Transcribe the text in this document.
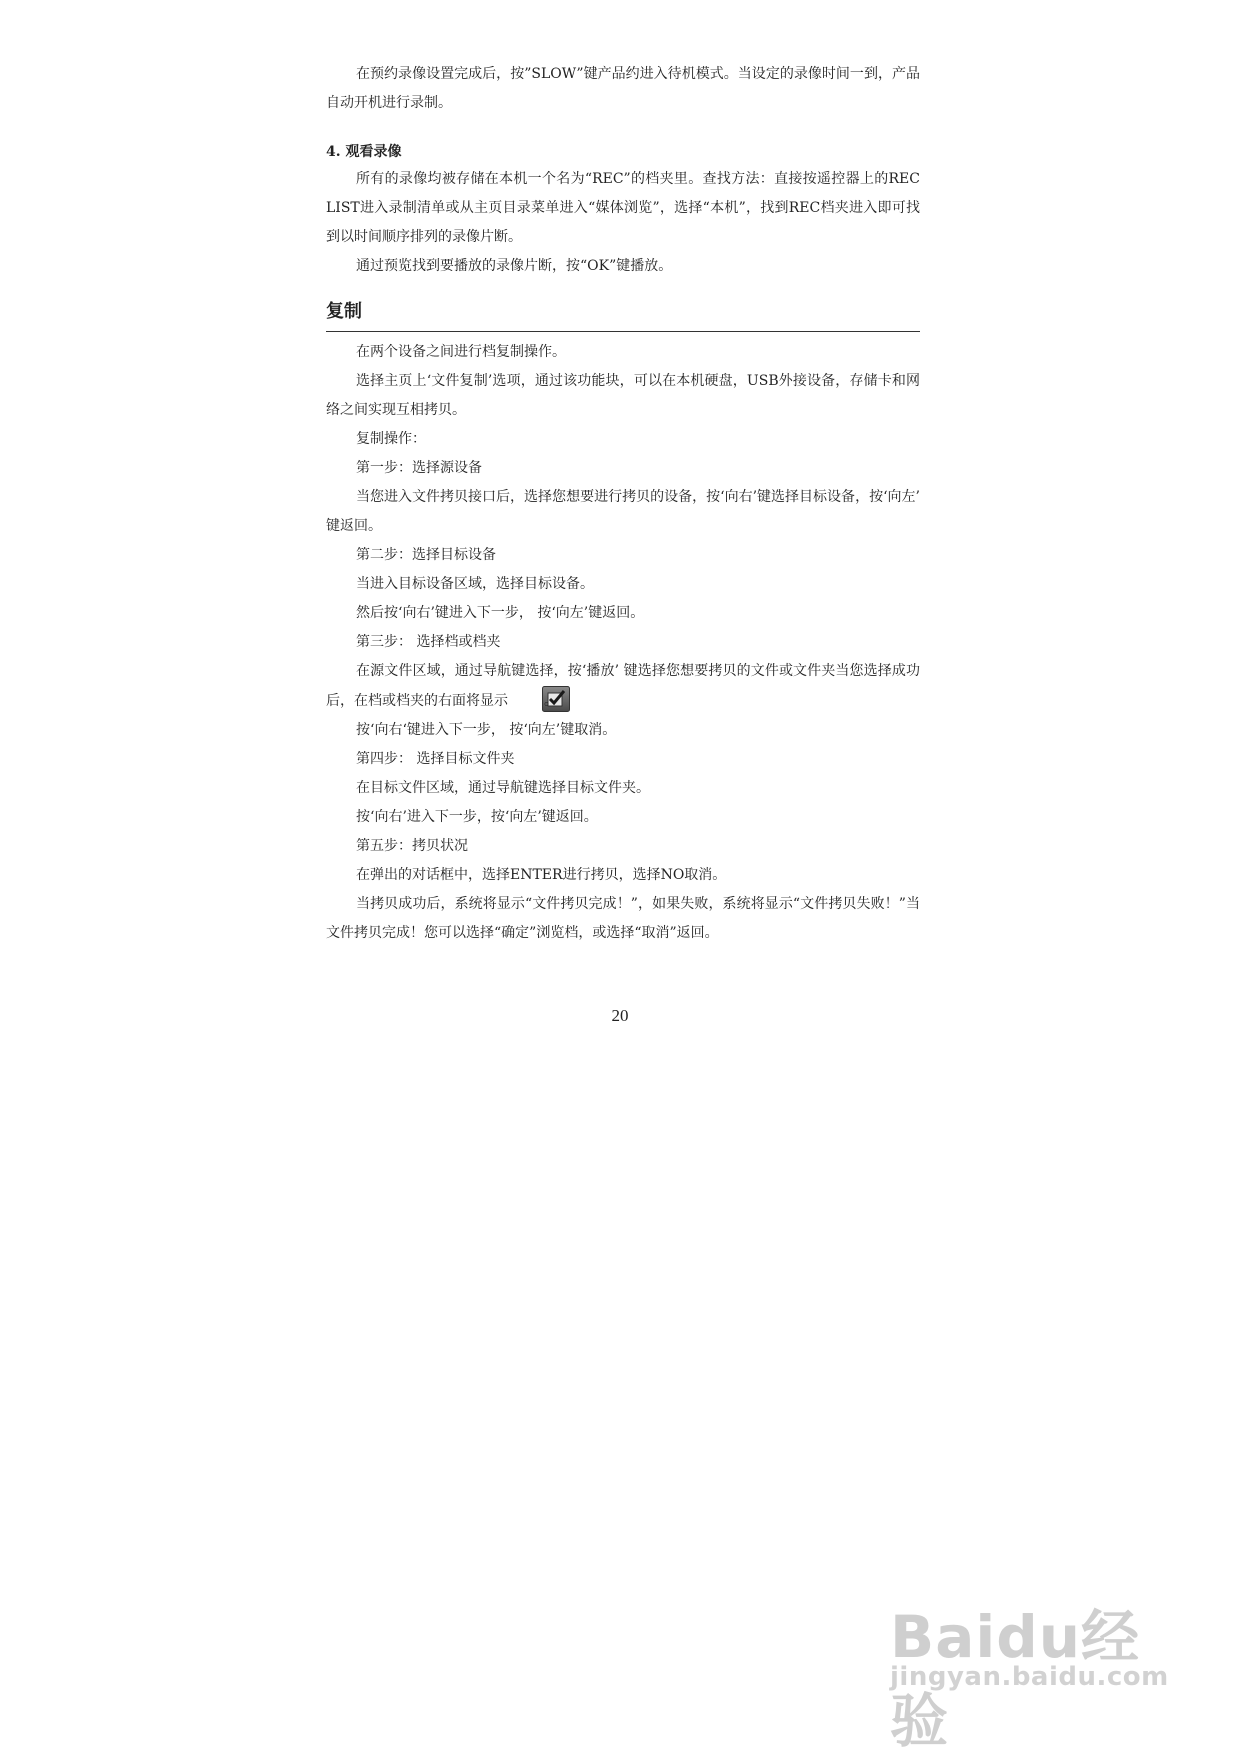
在预约录像设置完成后，按”SLOW”键产品约进入待机模式。当设定的录像时间一到，产品自动开机进行录制。

4. 观看录像

所有的录像均被存储在本机一个名为“REC”的档夹里。查找方法：直接按遥控器上的REC LIST进入录制清单或从主页目录菜单进入“媒体浏览”，选择“本机”，找到REC档夹进入即可找到以时间顺序排列的录像片断。

通过预览找到要播放的录像片断，按“OK”键播放。

复制

在两个设备之间进行档复制操作。

选择主页上‘文件复制’选项，通过该功能块，可以在本机硬盘，USB外接设备，存储卡和网络之间实现互相拷贝。

复制操作：

第一步：选择源设备

当您进入文件拷贝接口后，选择您想要进行拷贝的设备，按‘向右’键选择目标设备，按‘向左’ 键返回。

第二步：选择目标设备

当进入目标设备区域，选择目标设备。

然后按‘向右’键进入下一步， 按‘向左’键返回。

第三步： 选择档或档夹

在源文件区域，通过导航键选择，按‘播放’ 键选择您想要拷贝的文件或文件夹当您选择成功后，在档或档夹的右面将显示	。

按‘向右‘键进入下一步， 按‘向左’键取消。

第四步： 选择目标文件夹

在目标文件区域，通过导航键选择目标文件夹。

按‘向右’进入下一步，按‘向左’键返回。

第五步：拷贝状况

在弹出的对话框中，选择ENTER进行拷贝，选择NO取消。

当拷贝成功后，系统将显示“文件拷贝完成！”，如果失败，系统将显示“文件拷贝失败！”当文件拷贝完成！您可以选择“确定”浏览档，或选择“取消”返回。

20
Baidu经验
jingyan.baidu.com
